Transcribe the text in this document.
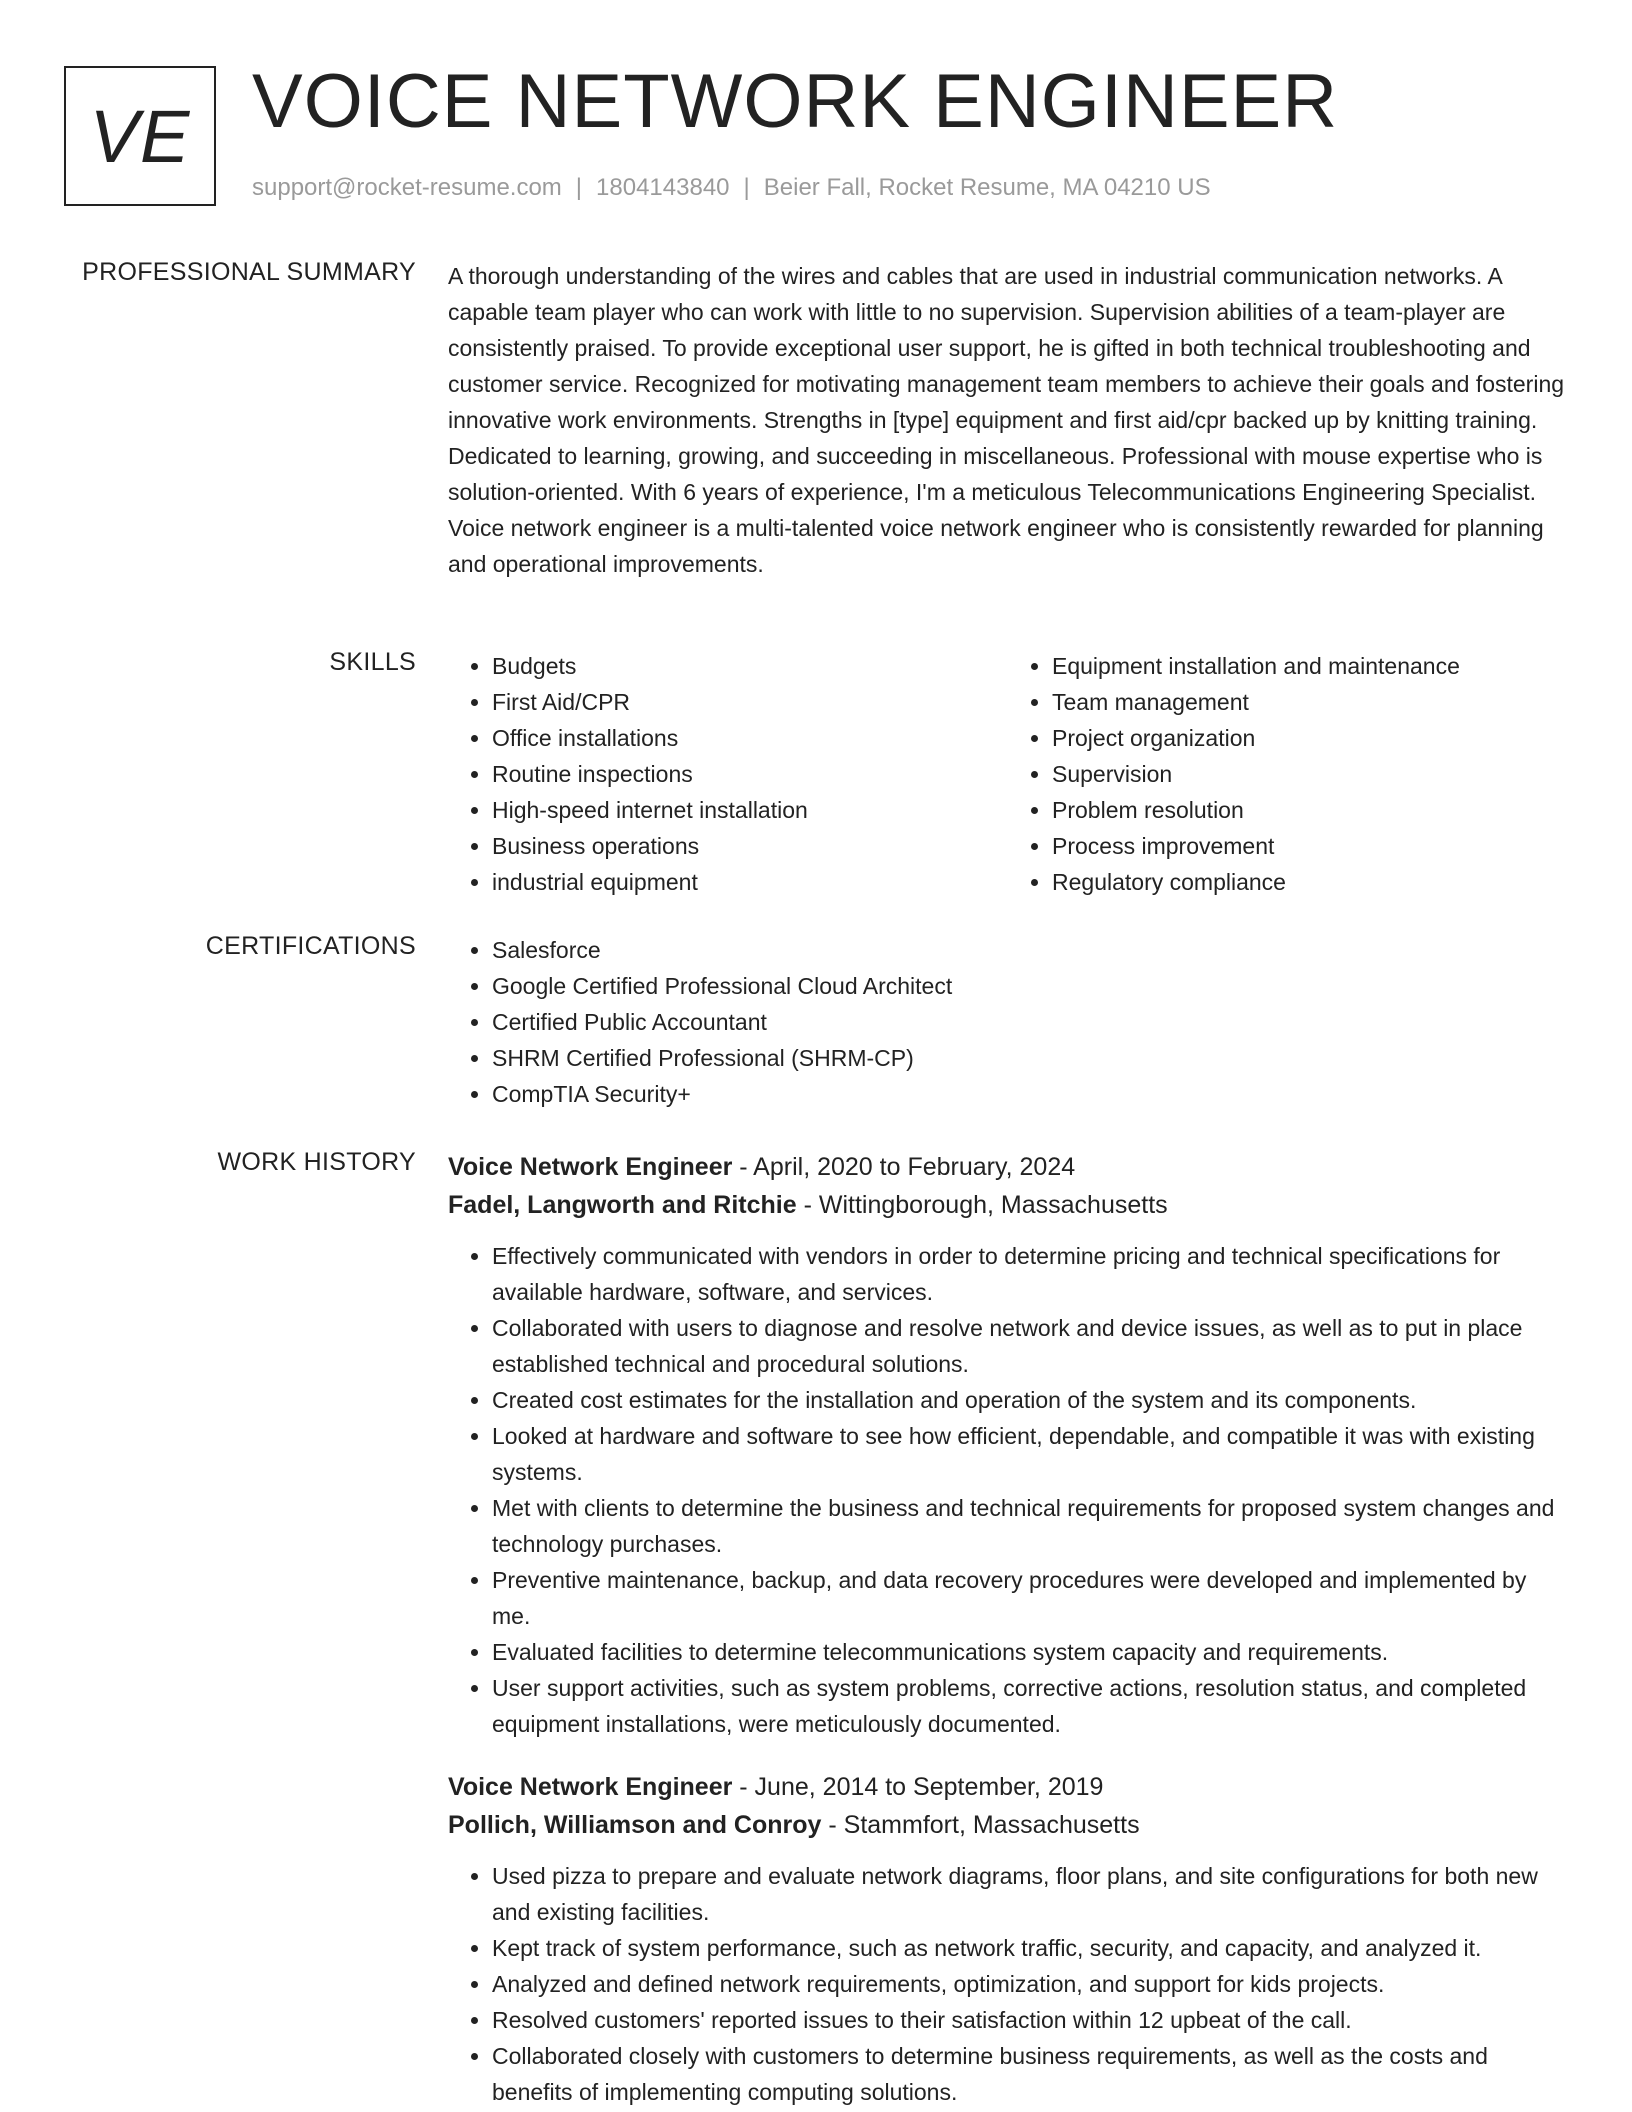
VE VOICE NETWORK ENGINEER
support@rocket-resume.com | 1804143840 | Beier Fall, Rocket Resume, MA 04210 US
PROFESSIONAL SUMMARY A thorough understanding of the wires and cables that are used in industrial communication networks. A capable team player who can work with little to no supervision. Supervision abilities of a team-player are consistently praised. To provide exceptional user support, he is gifted in both technical troubleshooting and customer service. Recognized for motivating management team members to achieve their goals and fostering innovative work environments. Strengths in [type] equipment and first aid/cpr backed up by knitting training. Dedicated to learning, growing, and succeeding in miscellaneous. Professional with mouse expertise who is solution-oriented. With 6 years of experience, I'm a meticulous Telecommunications Engineering Specialist. Voice network engineer is a multi-talented voice network engineer who is consistently rewarded for planning and operational improvements.
SKILLS	• Budgets
• First Aid/CPR
• Office installations
• Routine inspections
• High-speed internet installation
• Business operations
• industrial equipment
• Equipment installation and maintenance
• Team management
• Project organization
• Supervision
• Problem resolution
• Process improvement
• Regulatory compliance
CERTIFICATIONS	• Salesforce
• Google Certified Professional Cloud Architect
• Certified Public Accountant
• SHRM Certified Professional (SHRM-CP)
• CompTIA Security+
WORK HISTORY Voice Network Engineer - April, 2020 to February, 2024
Fadel, Langworth and Ritchie - Wittingborough, Massachusetts
• Effectively communicated with vendors in order to determine pricing and technical specifications for available hardware, software, and services.
• Collaborated with users to diagnose and resolve network and device issues, as well as to put in place established technical and procedural solutions.
• Created cost estimates for the installation and operation of the system and its components.
• Looked at hardware and software to see how efficient, dependable, and compatible it was with existing systems.
• Met with clients to determine the business and technical requirements for proposed system changes and technology purchases.
• Preventive maintenance, backup, and data recovery procedures were developed and implemented by me.
• Evaluated facilities to determine telecommunications system capacity and requirements.
• User support activities, such as system problems, corrective actions, resolution status, and completed equipment installations, were meticulously documented.
Voice Network Engineer - June, 2014 to September, 2019
Pollich, Williamson and Conroy - Stammfort, Massachusetts
• Used pizza to prepare and evaluate network diagrams, floor plans, and site configurations for both new and existing facilities.
• Kept track of system performance, such as network traffic, security, and capacity, and analyzed it.
• Analyzed and defined network requirements, optimization, and support for kids projects.
• Resolved customers' reported issues to their satisfaction within 12 upbeat of the call.
• Collaborated closely with customers to determine business requirements, as well as the costs and benefits of implementing computing solutions.
